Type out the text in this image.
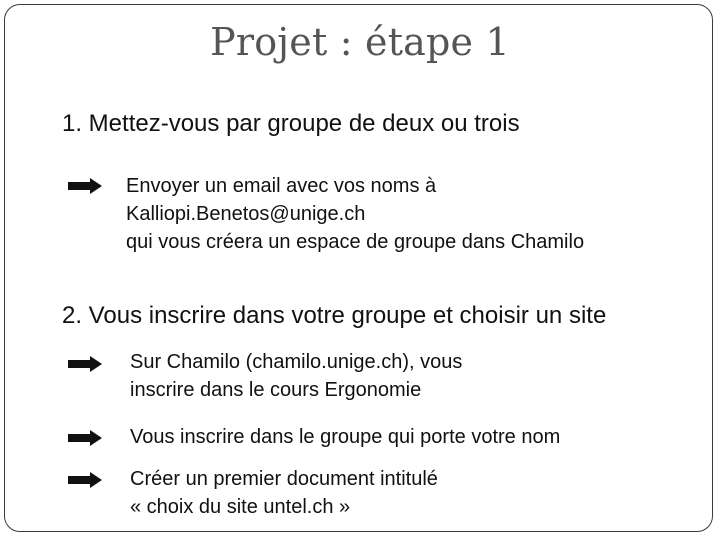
Projet : étape 1
1. Mettez-vous par groupe de deux ou trois
Envoyer un email avec vos noms à
Kalliopi.Benetos@unige.ch
qui vous créera un espace de groupe dans Chamilo
2. Vous inscrire dans votre groupe et choisir un site
Sur Chamilo (chamilo.unige.ch), vous
inscrire dans le cours Ergonomie
Vous inscrire dans le groupe qui porte votre nom
Créer un premier document intitulé
« choix du site untel.ch »
